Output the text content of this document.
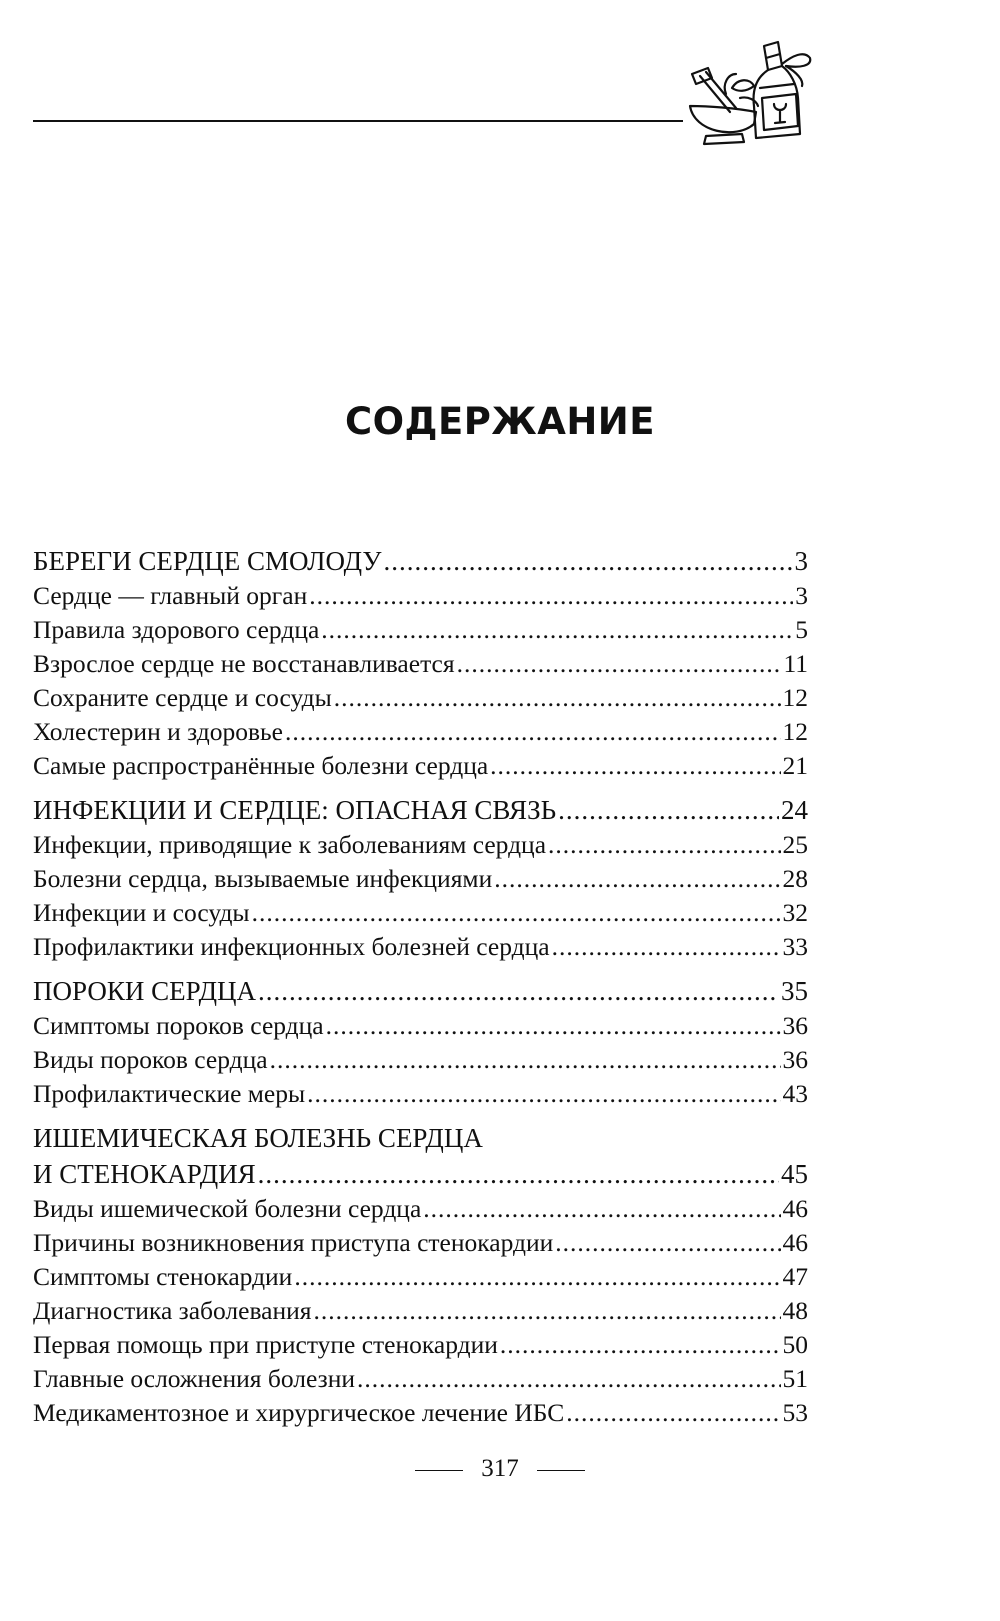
СОДЕРЖАНИЕ
БЕРЕГИ СЕРДЦЕ СМОЛОДУ .....	3
Сердце — главный орган .....	3
Правила здорового сердца .....	5
Взрослое сердце не восстанавливается .....	11
Сохраните сердце и сосуды .....	12
Холестерин и здоровье .....	12
Самые распространённые болезни сердца .....	21
ИНФЕКЦИИ И СЕРДЦЕ: ОПАСНАЯ СВЯЗЬ .....	24
Инфекции, приводящие к заболеваниям сердца .....	25
Болезни сердца, вызываемые инфекциями .....	28
Инфекции и сосуды .....	32
Профилактики инфекционных болезней сердца .....	33
ПОРОКИ СЕРДЦА .....	35
Симптомы пороков сердца .....	36
Виды пороков сердца .....	36
Профилактические меры .....	43
ИШЕМИЧЕСКАЯ БОЛЕЗНЬ СЕРДЦА
И СТЕНОКАРДИЯ .....	45
Виды ишемической болезни сердца .....	46
Причины возникновения приступа стенокардии .....	46
Симптомы стенокардии .....	47
Диагностика заболевания .....	48
Первая помощь при приступе стенокардии .....	50
Главные осложнения болезни .....	51
Медикаментозное и хирургическое лечение ИБС .....	53
317
